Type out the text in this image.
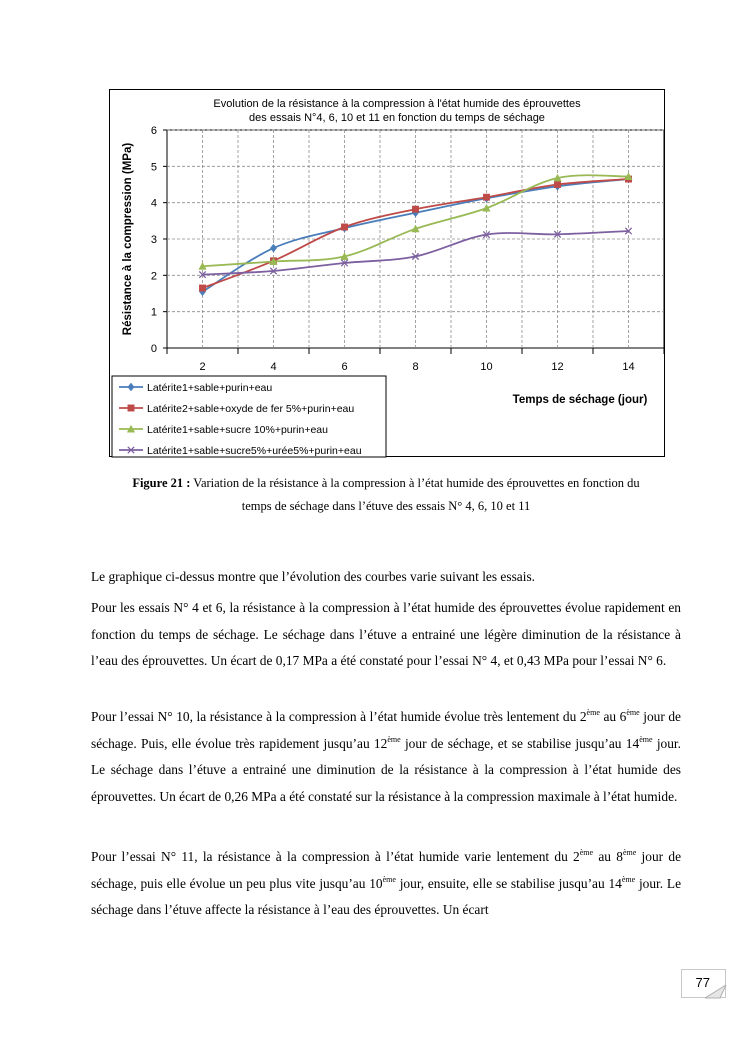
Evolution de la résistance à la compression à l'état humide des éprouvettes
des essais N°4, 6, 10 et 11 en fonction du temps de séchage
Résistance à la compression (MPa)
0
1
2
3
4
5
6
2	4	6	8	10	12	14
Latérite1+sable+purin+eau
Latérite2+sable+oxyde de fer 5%+purin+eau
Latérite1+sable+sucre 10%+purin+eau
Latérite1+sable+sucre5%+urée5%+purin+eau
Temps de séchage (jour)
Figure 21 : Variation de la résistance à la compression à l’état humide des éprouvettes en fonction du
temps de séchage dans l’étuve des essais N° 4, 6, 10 et 11

Le graphique ci-dessus montre que l’évolution des courbes varie suivant les essais.

Pour les essais N° 4 et 6, la résistance à la compression à l’état humide des éprouvettes évolue rapidement en fonction du temps de séchage. Le séchage dans l’étuve a entrainé une légère diminution de la résistance à l’eau des éprouvettes. Un écart de 0,17 MPa a été constaté pour l’essai N° 4, et 0,43 MPa pour l’essai N° 6.

Pour l’essai N° 10, la résistance à la compression à l’état humide évolue très lentement du 2ème au 6ème jour de séchage. Puis, elle évolue très rapidement jusqu’au 12ème jour de séchage, et se stabilise jusqu’au 14ème jour. Le séchage dans l’étuve a entrainé une diminution de la résistance à la compression à l’état humide des éprouvettes. Un écart de 0,26 MPa a été constaté sur la résistance à la compression maximale à l’état humide.

Pour l’essai N° 11, la résistance à la compression à l’état humide varie lentement du 2ème au 8ème jour de séchage, puis elle évolue un peu plus vite jusqu’au 10ème jour, ensuite, elle se stabilise jusqu’au 14ème jour. Le séchage dans l’étuve affecte la résistance à l’eau des éprouvettes. Un écart

77
